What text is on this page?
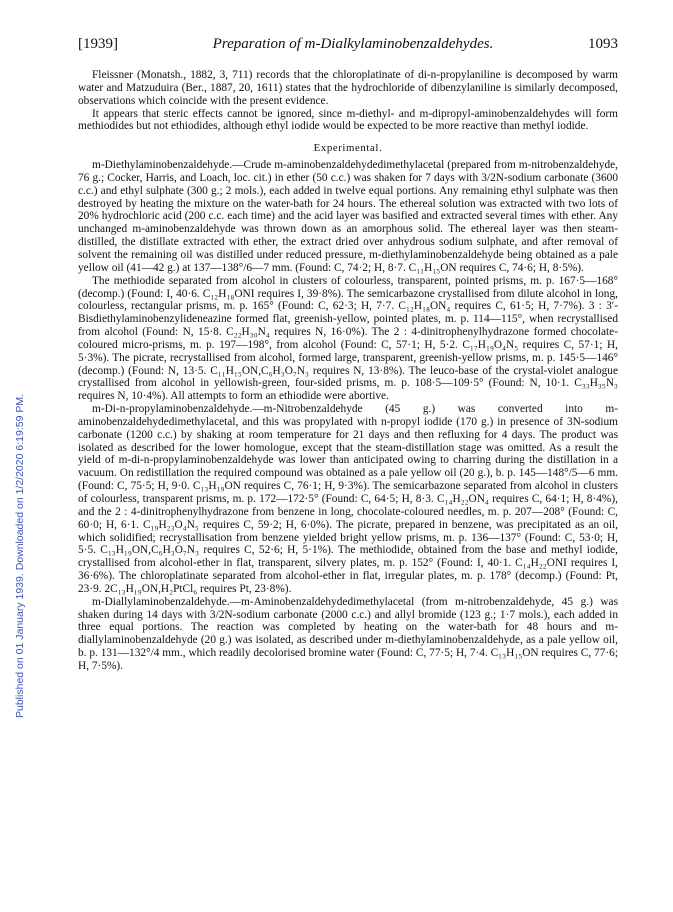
Published on 01 January 1939. Downloaded on 1/2/2020 6:19:59 PM.
[1939]	Preparation of m-Dialkylaminobenzaldehydes.	1093

Fleissner (Monatsh., 1882, 3, 711) records that the chloroplatinate of di-n-propylaniline is decomposed by warm water and Matzuduira (Ber., 1887, 20, 1611) states that the hydrochloride of dibenzylaniline is similarly decomposed, observations which coincide with the present evidence.

It appears that steric effects cannot be ignored, since m-diethyl- and m-dipropyl-aminobenzaldehydes will form methiodides but not ethiodides, although ethyl iodide would be expected to be more reactive than methyl iodide.

Experimental.

m-Diethylaminobenzaldehyde.—Crude m-aminobenzaldehydedimethylacetal (prepared from m-nitrobenzaldehyde, 76 g.; Cocker, Harris, and Loach, loc. cit.) in ether (50 c.c.) was shaken for 7 days with 3/2N-sodium carbonate (3600 c.c.) and ethyl sulphate (300 g.; 2 mols.), each added in twelve equal portions. Any remaining ethyl sulphate was then destroyed by heating the mixture on the water-bath for 24 hours. The ethereal solution was extracted with two lots of 20% hydrochloric acid (200 c.c. each time) and the acid layer was basified and extracted several times with ether. Any unchanged m-aminobenzaldehyde was thrown down as an amorphous solid. The ethereal layer was then steam-distilled, the distillate extracted with ether, the extract dried over anhydrous sodium sulphate, and after removal of solvent the remaining oil was distilled under reduced pressure, m-diethylaminobenzaldehyde being obtained as a pale yellow oil (41—42 g.) at 137—138°/6—7 mm. (Found: C, 74·2; H, 8·7. C₁₁H₁₅ON requires C, 74·6; H, 8·5%).

The methiodide separated from alcohol in clusters of colourless, transparent, pointed prisms, m. p. 167·5—168° (decomp.) (Found: I, 40·6. C₁₂H₁₈ONI requires I, 39·8%). The semicarbazone crystallised from dilute alcohol in long, colourless, rectangular prisms, m. p. 165° (Found: C, 62·3; H, 7·7. C₁₂H₁₈ON₄ requires C, 61·5; H, 7·7%). 3 : 3′-Bisdiethylaminobenzylideneazine formed flat, greenish-yellow, pointed plates, m. p. 114—115°, when recrystallised from alcohol (Found: N, 15·8. C₂₂H₃₀N₄ requires N, 16·0%). The 2 : 4-dinitrophenylhydrazone formed chocolate-coloured micro-prisms, m. p. 197—198°, from alcohol (Found: C, 57·1; H, 5·2. C₁₇H₁₉O₄N₅ requires C, 57·1; H, 5·3%). The picrate, recrystallised from alcohol, formed large, transparent, greenish-yellow prisms, m. p. 145·5—146° (decomp.) (Found: N, 13·5. C₁₁H₁₅ON,C₆H₃O₇N₃ requires N, 13·8%). The leuco-base of the crystal-violet analogue crystallised from alcohol in yellowish-green, four-sided prisms, m. p. 108·5—109·5° (Found: N, 10·1. C₃₃H₃₅N₃ requires N, 10·4%). All attempts to form an ethiodide were abortive.

m-Di-n-propylaminobenzaldehyde.—m-Nitrobenzaldehyde (45 g.) was converted into m-aminobenzaldehydedimethylacetal, and this was propylated with n-propyl iodide (170 g.) in presence of 3N-sodium carbonate (1200 c.c.) by shaking at room temperature for 21 days and then refluxing for 4 days. The product was isolated as described for the lower homologue, except that the steam-distillation stage was omitted. As a result the yield of m-di-n-propylaminobenzaldehyde was lower than anticipated owing to charring during the distillation in a vacuum. On redistillation the required compound was obtained as a pale yellow oil (20 g.), b. p. 145—148°/5—6 mm. (Found: C, 75·5; H, 9·0. C₁₃H₁₉ON requires C, 76·1; H, 9·3%). The semicarbazone separated from alcohol in clusters of colourless, transparent prisms, m. p. 172—172·5° (Found: C, 64·5; H, 8·3. C₁₄H₂₂ON₄ requires C, 64·1; H, 8·4%), and the 2 : 4-dinitrophenylhydrazone from benzene in long, chocolate-coloured needles, m. p. 207—208° (Found: C, 60·0; H, 6·1. C₁₉H₂₃O₄N₅ requires C, 59·2; H, 6·0%). The picrate, prepared in benzene, was precipitated as an oil, which solidified; recrystallisation from benzene yielded bright yellow prisms, m. p. 136—137° (Found: C, 53·0; H, 5·5. C₁₃H₁₉ON,C₆H₃O₇N₃ requires C, 52·6; H, 5·1%). The methiodide, obtained from the base and methyl iodide, crystallised from alcohol-ether in flat, transparent, silvery plates, m. p. 152° (Found: I, 40·1. C₁₄H₂₂ONI requires I, 36·6%). The chloroplatinate separated from alcohol-ether in flat, irregular plates, m. p. 178° (decomp.) (Found: Pt, 23·9. 2C₁₃H₁₉ON,H₂PtCl₆ requires Pt, 23·8%).

m-Diallylaminobenzaldehyde.—m-Aminobenzaldehydedimethylacetal (from m-nitrobenzaldehyde, 45 g.) was shaken during 14 days with 3/2N-sodium carbonate (2000 c.c.) and allyl bromide (123 g.; 1·7 mols.), each added in three equal portions. The reaction was completed by heating on the water-bath for 48 hours and m-diallylaminobenzaldehyde (20 g.) was isolated, as described under m-diethylaminobenzaldehyde, as a pale yellow oil, b. p. 131—132°/4 mm., which readily decolorised bromine water (Found: C, 77·5; H, 7·4. C₁₃H₁₅ON requires C, 77·6; H, 7·5%).
